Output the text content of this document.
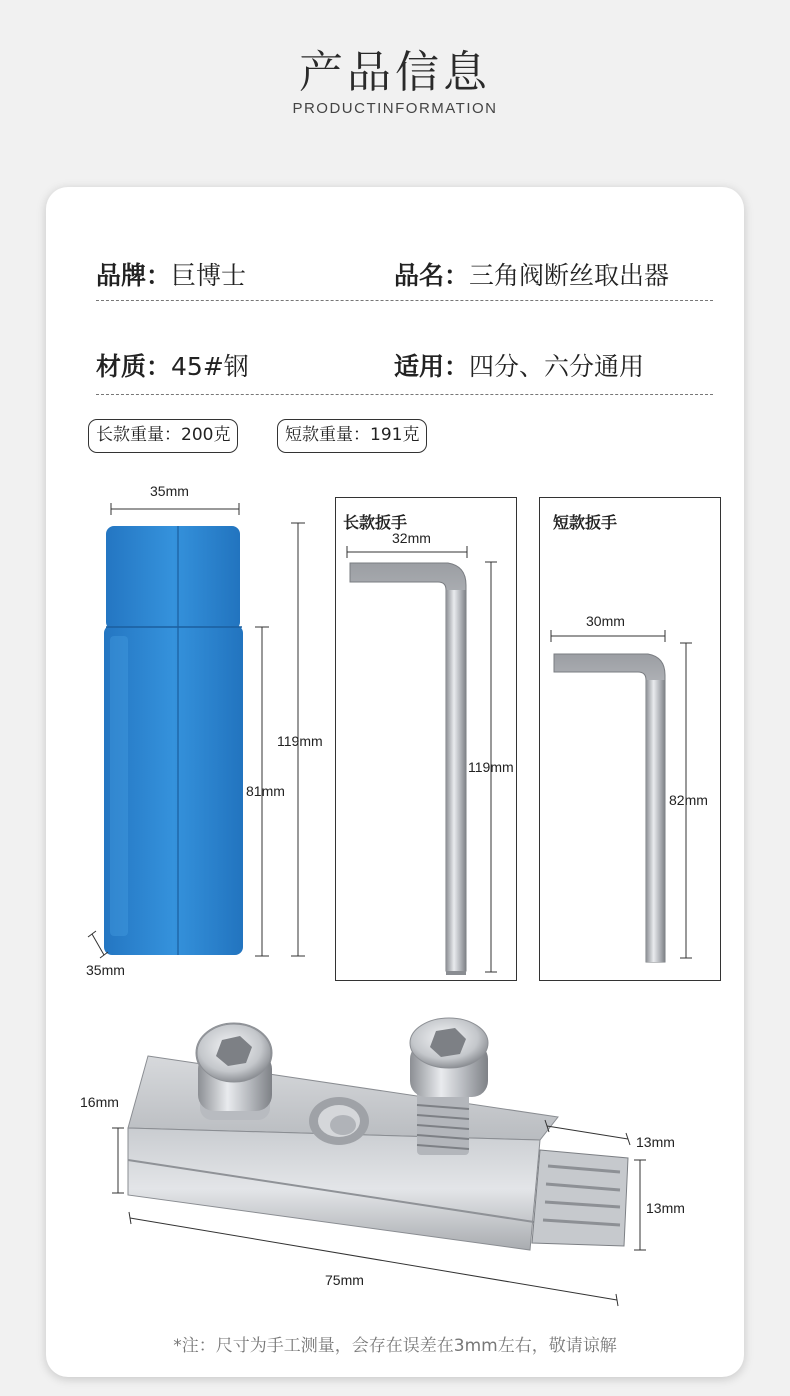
产品信息
PRODUCTINFORMATION
品牌：巨博士	品名：三角阀断丝取出器
材质：45#钢	适用：四分、六分通用
长款重量：200克	短款重量：191克
35mm
119mm
81mm
35mm
长款扳手
32mm
119mm
短款扳手
30mm
82mm
16mm
13mm
13mm
75mm
*注：尺寸为手工测量，会存在误差在3mm左右，敬请谅解
